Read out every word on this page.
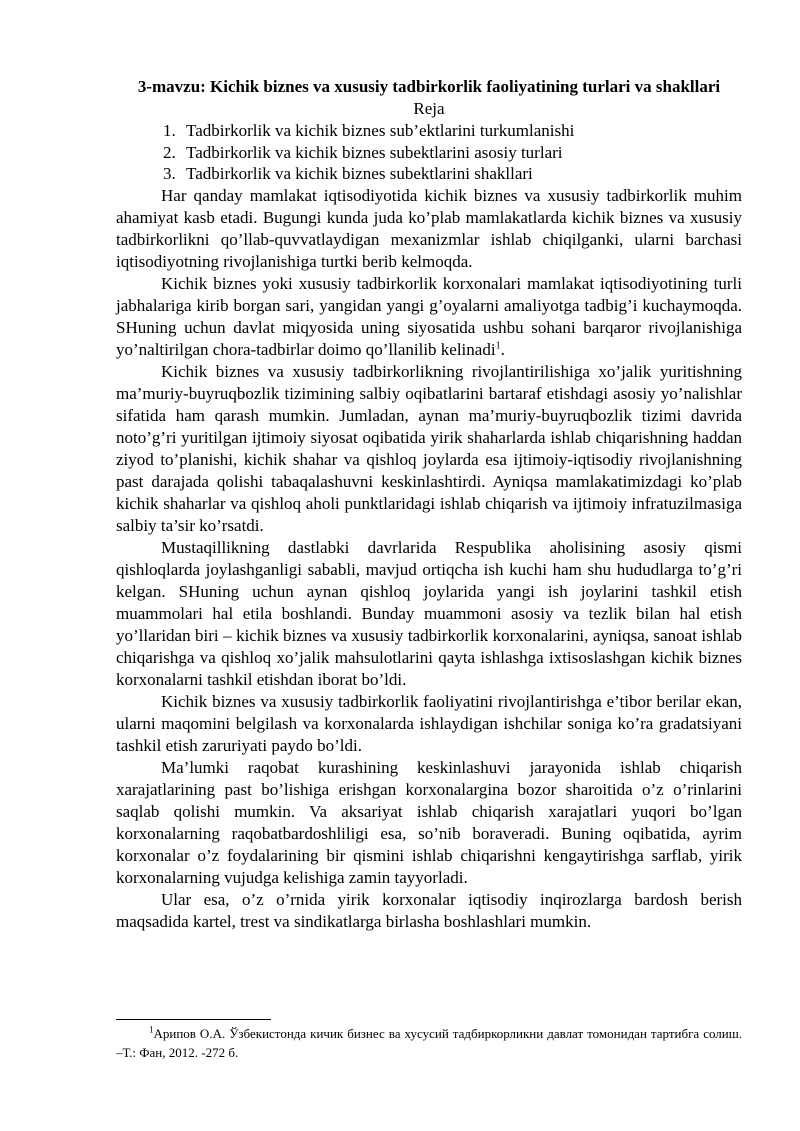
3-mavzu: Kichik biznes va xususiy tadbirkorlik faoliyatining turlari va shakllari
Reja
1. Tadbirkorlik va kichik biznes sub’ektlarini turkumlanishi
2. Tadbirkorlik va kichik biznes subektlarini asosiy turlari
3. Tadbirkorlik va kichik biznes subektlarini shakllari

Har qanday mamlakat iqtisodiyotida kichik biznes va xususiy tadbirkorlik muhim ahamiyat kasb etadi. Bugungi kunda juda ko’plab mamlakatlarda kichik biznes va xususiy tadbirkorlikni qo’llab-quvvatlaydigan mexanizmlar ishlab chiqilganki, ularni barchasi iqtisodiyotning rivojlanishiga turtki berib kelmoqda.

Kichik biznes yoki xususiy tadbirkorlik korxonalari mamlakat iqtisodiyotining turli jabhalariga kirib borgan sari, yangidan yangi g’oyalarni amaliyotga tadbig’i kuchaymoqda. SHuning uchun davlat miqyosida uning siyosatida ushbu sohani barqaror rivojlanishiga yo’naltirilgan chora-tadbirlar doimo qo’llanilib kelinadi$^1$.

Kichik biznes va xususiy tadbirkorlikning rivojlantirilishiga xo’jalik yuritishning ma’muriy-buyruqbozlik tizimining salbiy oqibatlarini bartaraf etishdagi asosiy yo’nalishlar sifatida ham qarash mumkin. Jumladan, aynan ma’muriy-buyruqbozlik tizimi davrida noto’g’ri yuritilgan ijtimoiy siyosat oqibatida yirik shaharlarda ishlab chiqarishning haddan ziyod to’planishi, kichik shahar va qishloq joylarda esa ijtimoiy-iqtisodiy rivojlanishning past darajada qolishi tabaqalashuvni keskinlashtirdi. Ayniqsa mamlakatimizdagi ko’plab kichik shaharlar va qishloq aholi punktlaridagi ishlab chiqarish va ijtimoiy infratuzilmasiga salbiy ta’sir ko’rsatdi.

Mustaqillikning dastlabki davrlarida Respublika aholisining asosiy qismi qishloqlarda joylashganligi sababli, mavjud ortiqcha ish kuchi ham shu hududlarga to’g’ri kelgan. SHuning uchun aynan qishloq joylarida yangi ish joylarini tashkil etish muammolari hal etila boshlandi. Bunday muammoni asosiy va tezlik bilan hal etish yo’llaridan biri – kichik biznes va xususiy tadbirkorlik korxonalarini, ayniqsa, sanoat ishlab chiqarishga va qishloq xo’jalik mahsulotlarini qayta ishlashga ixtisoslashgan kichik biznes korxonalarni tashkil etishdan iborat bo’ldi.

Kichik biznes va xususiy tadbirkorlik faoliyatini rivojlantirishga e’tibor berilar ekan, ularni maqomini belgilash va korxonalarda ishlaydigan ishchilar soniga ko’ra gradatsiyani tashkil etish zaruriyati paydo bo’ldi.

Ma’lumki raqobat kurashining keskinlashuvi jarayonida ishlab chiqarish xarajatlarining past bo’lishiga erishgan korxonalargina bozor sharoitida o’z o’rinlarini saqlab qolishi mumkin. Va aksariyat ishlab chiqarish xarajatlari yuqori bo’lgan korxonalarning raqobatbardoshliligi esa, so’nib boraveradi. Buning oqibatida, ayrim korxonalar o’z foydalarining bir qismini ishlab chiqarishni kengaytirishga sarflab, yirik korxonalarning vujudga kelishiga zamin tayyorladi.

Ular esa, o’z o’rnida yirik korxonalar iqtisodiy inqirozlarga bardosh berish maqsadida kartel, trest va sindikatlarga birlasha boshlashlari mumkin.

$^1$Арипов О.А. Ўзбекистонда кичик бизнес ва хусусий тадбиркорликни давлат томонидан тартибга солиш. –Т.: Фан, 2012. -272 б.
